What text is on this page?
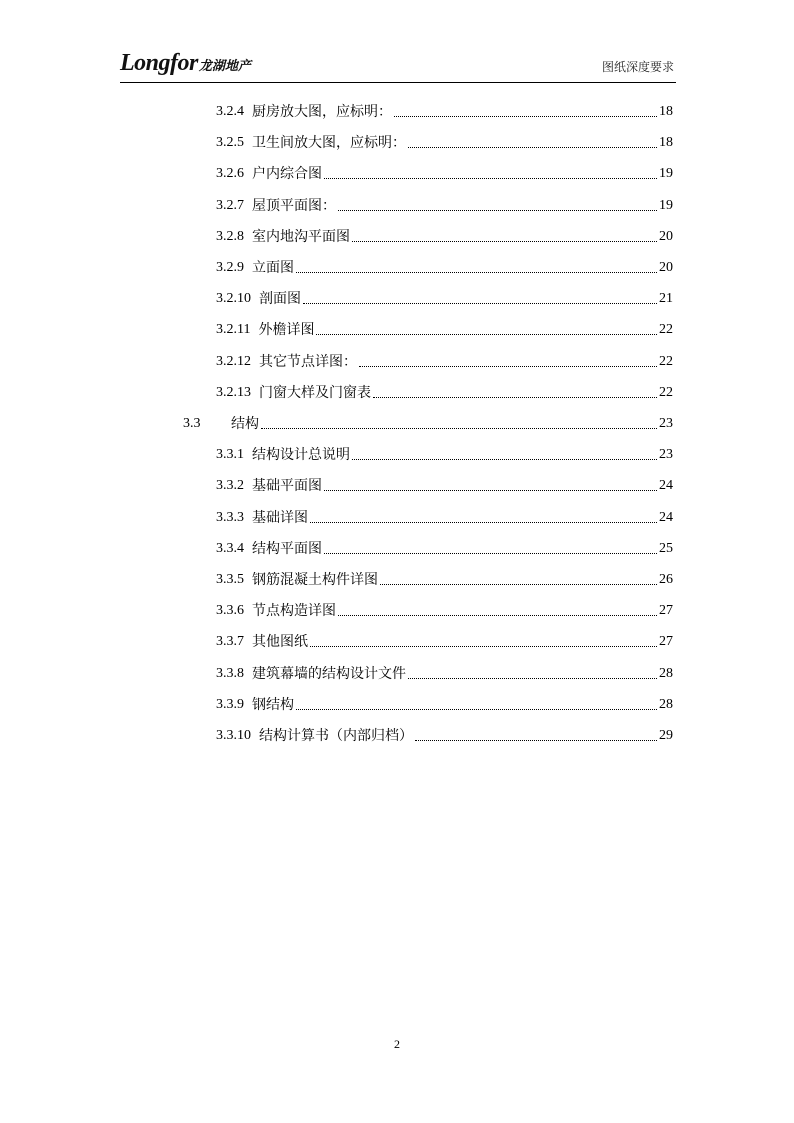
Longfor龙湖地产	图纸深度要求
3.2.4 厨房放大图，应标明：	18
3.2.5 卫生间放大图，应标明：	18
3.2.6 户内综合图	19
3.2.7 屋顶平面图：	19
3.2.8 室内地沟平面图	20
3.2.9 立面图	20
3.2.10 剖面图	21
3.2.11 外檐详图	22
3.2.12 其它节点详图：	22
3.2.13 门窗大样及门窗表	22
3.3	结构	23
3.3.1 结构设计总说明	23
3.3.2 基础平面图	24
3.3.3 基础详图	24
3.3.4 结构平面图	25
3.3.5 钢筋混凝土构件详图	26
3.3.6 节点构造详图	27
3.3.7 其他图纸	27
3.3.8 建筑幕墙的结构设计文件	28
3.3.9 钢结构	28
3.3.10 结构计算书（内部归档）	29
2
